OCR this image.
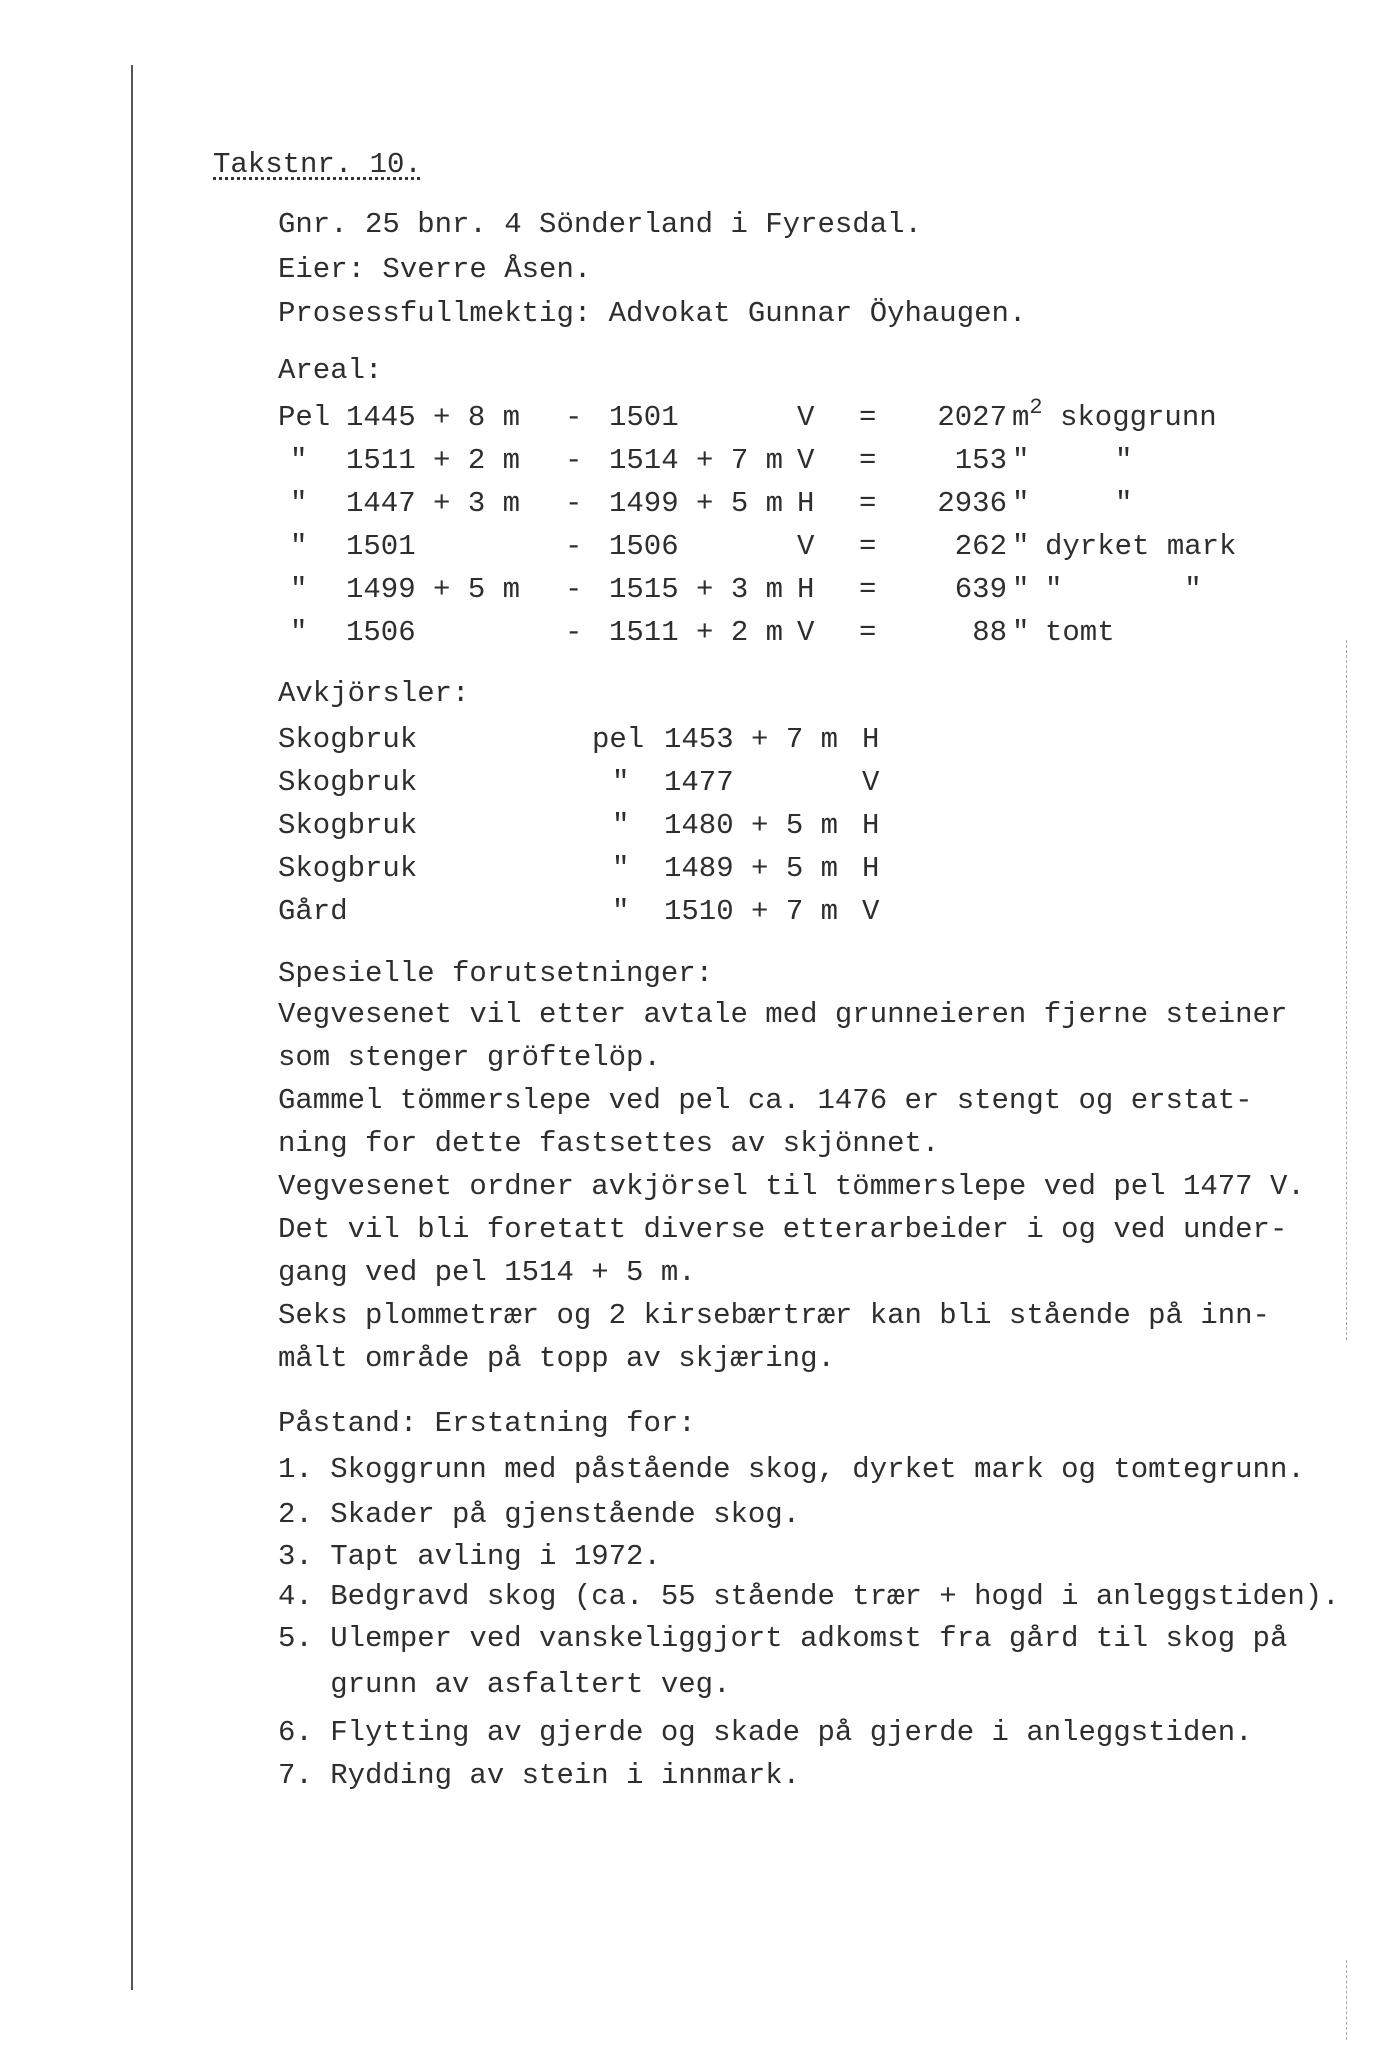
Takstnr. 10.
Gnr. 25 bnr. 4 Sönderland i Fyresdal.
Eier: Sverre Åsen.
Prosessfullmektig: Advokat Gunnar Öyhaugen.
Areal:
Pel 1445 + 8 m - 1501	V =	2027 $m^2$ skoggrunn
" 1511 + 2 m - 1514 + 7 m V =	153 "	"
" 1447 + 3 m - 1499 + 5 m H =	2936 "	"
" 1501	- 1506	V =	262 " dyrket mark
" 1499 + 5 m - 1515 + 3 m H =	639 " "       "
" 1506	- 1511 + 2 m V =	88 " tomt
Avkjörsler:
Skogbruk	pel 1453 + 7 m H
Skogbruk	" 1477	V
Skogbruk	" 1480 + 5 m H
Skogbruk	" 1489 + 5 m H
Gård	" 1510 + 7 m V
Spesielle forutsetninger:
Vegvesenet vil etter avtale med grunneieren fjerne steiner
som stenger gröftelöp.
Gammel tömmerslepe ved pel ca. 1476 er stengt og erstat-
ning for dette fastsettes av skjönnet.
Vegvesenet ordner avkjörsel til tömmerslepe ved pel 1477 V.
Det vil bli foretatt diverse etterarbeider i og ved under-
gang ved pel 1514 + 5 m.
Seks plommetrær og 2 kirsebærtrær kan bli stående på inn-
målt område på topp av skjæring.
Påstand: Erstatning for:
1. Skoggrunn med påstående skog, dyrket mark og tomtegrunn.
2. Skader på gjenstående skog.
3. Tapt avling i 1972.
4. Bedgravd skog (ca. 55 stående trær + hogd i anleggstiden).
5. Ulemper ved vanskeliggjort adkomst fra gård til skog på
grunn av asfaltert veg.
6. Flytting av gjerde og skade på gjerde i anleggstiden.
7. Rydding av stein i innmark.
